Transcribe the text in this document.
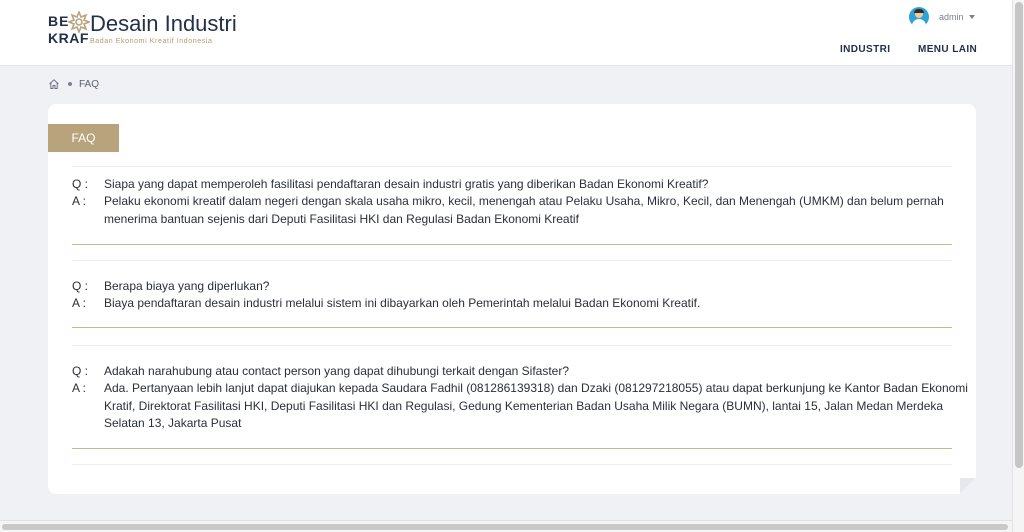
BE
KRAF
Desain Industri
Badan Ekonomi Kreatif Indonesia
admin
INDUSTRI	MENU LAIN
FAQ
FAQ
Q :	Siapa yang dapat memperoleh fasilitasi pendaftaran desain industri gratis yang diberikan Badan Ekonomi Kreatif?
A :	Pelaku ekonomi kreatif dalam negeri dengan skala usaha mikro, kecil, menengah atau Pelaku Usaha, Mikro, Kecil, dan Menengah (UMKM) dan belum pernah menerima bantuan sejenis dari Deputi Fasilitasi HKI dan Regulasi Badan Ekonomi Kreatif
Q :	Berapa biaya yang diperlukan?
A :	Biaya pendaftaran desain industri melalui sistem ini dibayarkan oleh Pemerintah melalui Badan Ekonomi Kreatif.
Q :	Adakah narahubung atau contact person yang dapat dihubungi terkait dengan Sifaster?
A :	Ada. Pertanyaan lebih lanjut dapat diajukan kepada Saudara Fadhil (081286139318) dan Dzaki (081297218055) atau dapat berkunjung ke Kantor Badan Ekonomi Kratif, Direktorat Fasilitasi HKI, Deputi Fasilitasi HKI dan Regulasi, Gedung Kementerian Badan Usaha Milik Negara (BUMN), lantai 15, Jalan Medan Merdeka Selatan 13, Jakarta Pusat
